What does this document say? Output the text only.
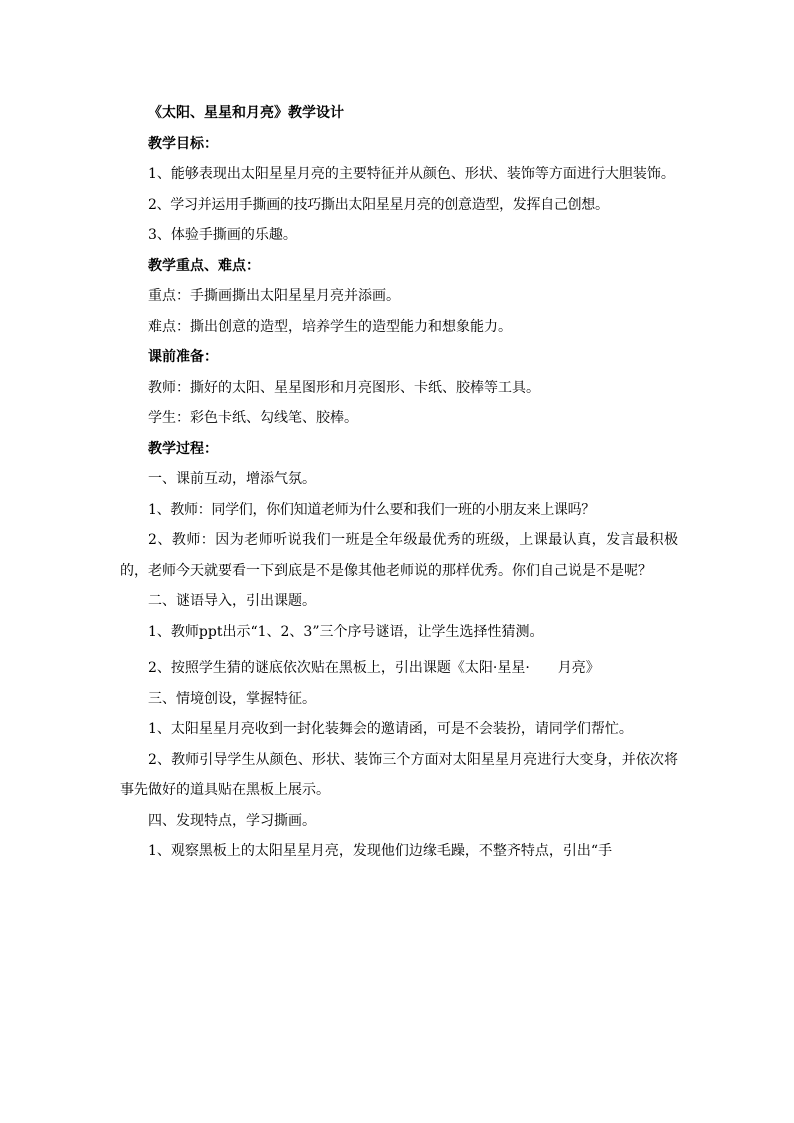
《太阳、星星和月亮》教学设计

教学目标：

1、能够表现出太阳星星月亮的主要特征并从颜色、形状、装饰等方面进行大胆装饰。

2、学习并运用手撕画的技巧撕出太阳星星月亮的创意造型，发挥自己创想。

3、体验手撕画的乐趣。

教学重点、难点：

重点：手撕画撕出太阳星星月亮并添画。

难点：撕出创意的造型，培养学生的造型能力和想象能力。

课前准备：

教师：撕好的太阳、星星图形和月亮图形、卡纸、胶棒等工具。

学生：彩色卡纸、勾线笔、胶棒。

教学过程：

一、课前互动，增添气氛。

1、教师：同学们，你们知道老师为什么要和我们一班的小朋友来上课吗？

2、教师：因为老师听说我们一班是全年级最优秀的班级，上课最认真，发言最积极的，老师今天就要看一下到底是不是像其他老师说的那样优秀。你们自己说是不是呢？

二、谜语导入，引出课题。

1、教师ppt出示“1、2、3”三个序号谜语，让学生选择性猜测。

2、按照学生猜的谜底依次贴在黑板上，引出课题《太阳·星星·　　月亮》

三、情境创设，掌握特征。

1、太阳星星月亮收到一封化装舞会的邀请函，可是不会装扮，请同学们帮忙。

2、教师引导学生从颜色、形状、装饰三个方面对太阳星星月亮进行大变身，并依次将事先做好的道具贴在黑板上展示。

四、发现特点，学习撕画。

1、观察黑板上的太阳星星月亮，发现他们边缘毛躁，不整齐特点，引出“手
